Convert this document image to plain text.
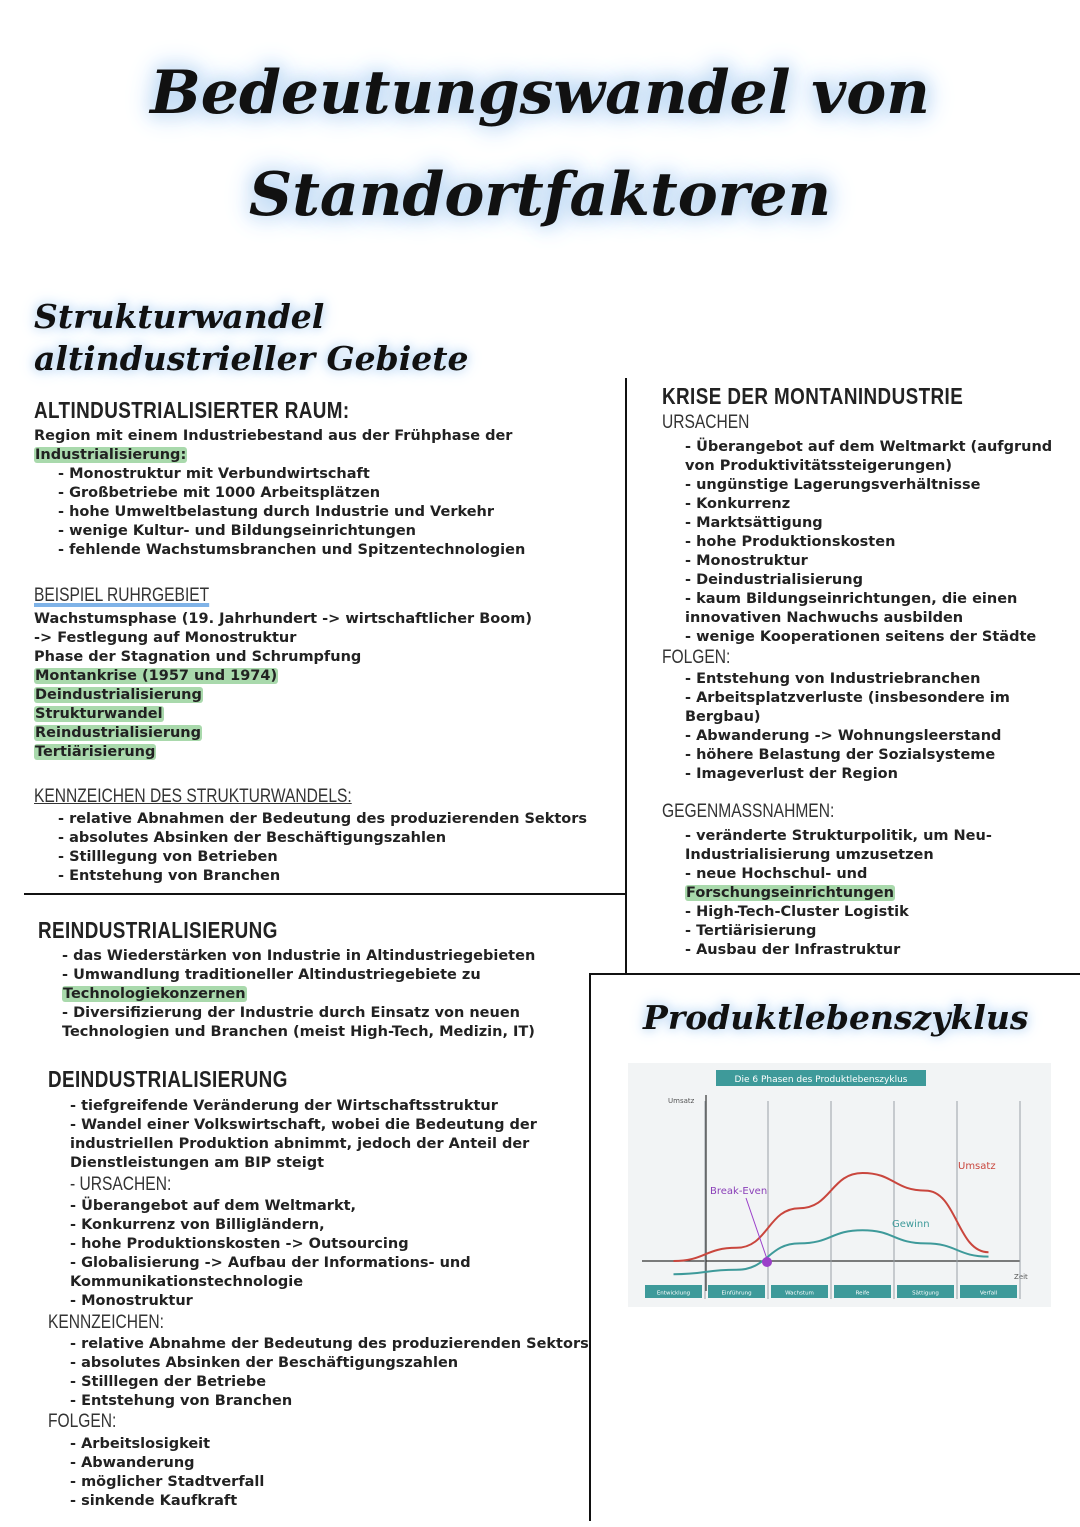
Bedeutungswandel von
Standortfaktoren
Strukturwandel altindustrieller Gebiete
ALTINDUSTRIALISIERTER RAUM:
Region mit einem Industriebestand aus der Frühphase der
Industrialisierung:
- Monostruktur mit Verbundwirtschaft
- Großbetriebe mit 1000 Arbeitsplätzen
- hohe Umweltbelastung durch Industrie und Verkehr
- wenige Kultur- und Bildungseinrichtungen
- fehlende Wachstumsbranchen und Spitzentechnologien
BEISPIEL RUHRGEBIET
Wachstumsphase (19. Jahrhundert -> wirtschaftlicher Boom)
-> Festlegung auf Monostruktur
Phase der Stagnation und Schrumpfung
Montankrise (1957 und 1974)
Deindustrialisierung
Strukturwandel
Reindustrialisierung
Tertiärisierung
KENNZEICHEN DES STRUKTURWANDELS:
- relative Abnahmen der Bedeutung des produzierenden Sektors
- absolutes Absinken der Beschäftigungszahlen
- Stilllegung von Betrieben
- Entstehung von Branchen
REINDUSTRIALISIERUNG
- das Wiederstärken von Industrie in Altindustriegebieten
- Umwandlung traditioneller Altindustriegebiete zu
Technologiekonzernen
- Diversifizierung der Industrie durch Einsatz von neuen
Technologien und Branchen (meist High-Tech, Medizin, IT)
DEINDUSTRIALISIERUNG
- tiefgreifende Veränderung der Wirtschaftsstruktur
- Wandel einer Volkswirtschaft, wobei die Bedeutung der
industriellen Produktion abnimmt, jedoch der Anteil der
Dienstleistungen am BIP steigt
- URSACHEN:
- Überangebot auf dem Weltmarkt,
- Konkurrenz von Billigländern,
- hohe Produktionskosten -> Outsourcing
- Globalisierung -> Aufbau der Informations- und
Kommunikationstechnologie
- Monostruktur
KENNZEICHEN:
- relative Abnahme der Bedeutung des produzierenden Sektors
- absolutes Absinken der Beschäftigungszahlen
- Stilllegen der Betriebe
- Entstehung von Branchen
FOLGEN:
- Arbeitslosigkeit
- Abwanderung
- möglicher Stadtverfall
- sinkende Kaufkraft
KRISE DER MONTANINDUSTRIE
URSACHEN
- Überangebot auf dem Weltmarkt (aufgrund
von Produktivitätssteigerungen)
- ungünstige Lagerungsverhältnisse
- Konkurrenz
- Marktsättigung
- hohe Produktionskosten
- Monostruktur
- Deindustrialisierung
- kaum Bildungseinrichtungen, die einen
innovativen Nachwuchs ausbilden
- wenige Kooperationen seitens der Städte
FOLGEN:
- Entstehung von Industriebranchen
- Arbeitsplatzverluste (insbesondere im
Bergbau)
- Abwanderung -> Wohnungsleerstand
- höhere Belastung der Sozialsysteme
- Imageverlust der Region
GEGENMASSNAHMEN:
- veränderte Strukturpolitik, um Neu-
Industrialisierung umzusetzen
- neue Hochschul- und
Forschungseinrichtungen
- High-Tech-Cluster Logistik
- Tertiärisierung
- Ausbau der Infrastruktur
Produktlebenszyklus
Die 6 Phasen des Produktlebenszyklus
Umsatz
Zeit
Entwicklung	Einführung	Wachstum	Reife	Sättigung	Verfall
Break-Even
Umsatz
Gewinn
